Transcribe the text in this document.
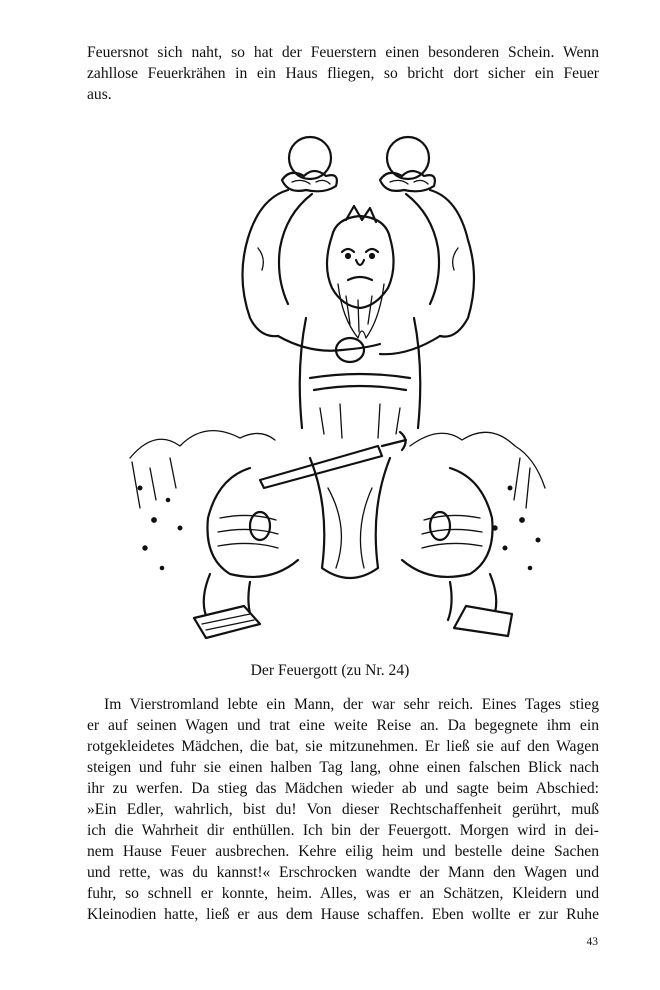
Feuersnot sich naht, so hat der Feuerstern einen besonderen Schein. Wenn
zahllose Feuerkrähen in ein Haus fliegen, so bricht dort sicher ein Feuer
aus.
Der Feuergott (zu Nr. 24)
Im Vierstromland lebte ein Mann, der war sehr reich. Eines Tages stieg
er auf seinen Wagen und trat eine weite Reise an. Da begegnete ihm ein
rotgekleidetes Mädchen, die bat, sie mitzunehmen. Er ließ sie auf den Wagen
steigen und fuhr sie einen halben Tag lang, ohne einen falschen Blick nach
ihr zu werfen. Da stieg das Mädchen wieder ab und sagte beim Abschied:
»Ein Edler, wahrlich, bist du! Von dieser Rechtschaffenheit gerührt, muß
ich die Wahrheit dir enthüllen. Ich bin der Feuergott. Morgen wird in dei-
nem Hause Feuer ausbrechen. Kehre eilig heim und bestelle deine Sachen
und rette, was du kannst!« Erschrocken wandte der Mann den Wagen und
fuhr, so schnell er konnte, heim. Alles, was er an Schätzen, Kleidern und
Kleinodien hatte, ließ er aus dem Hause schaffen. Eben wollte er zur Ruhe
43
